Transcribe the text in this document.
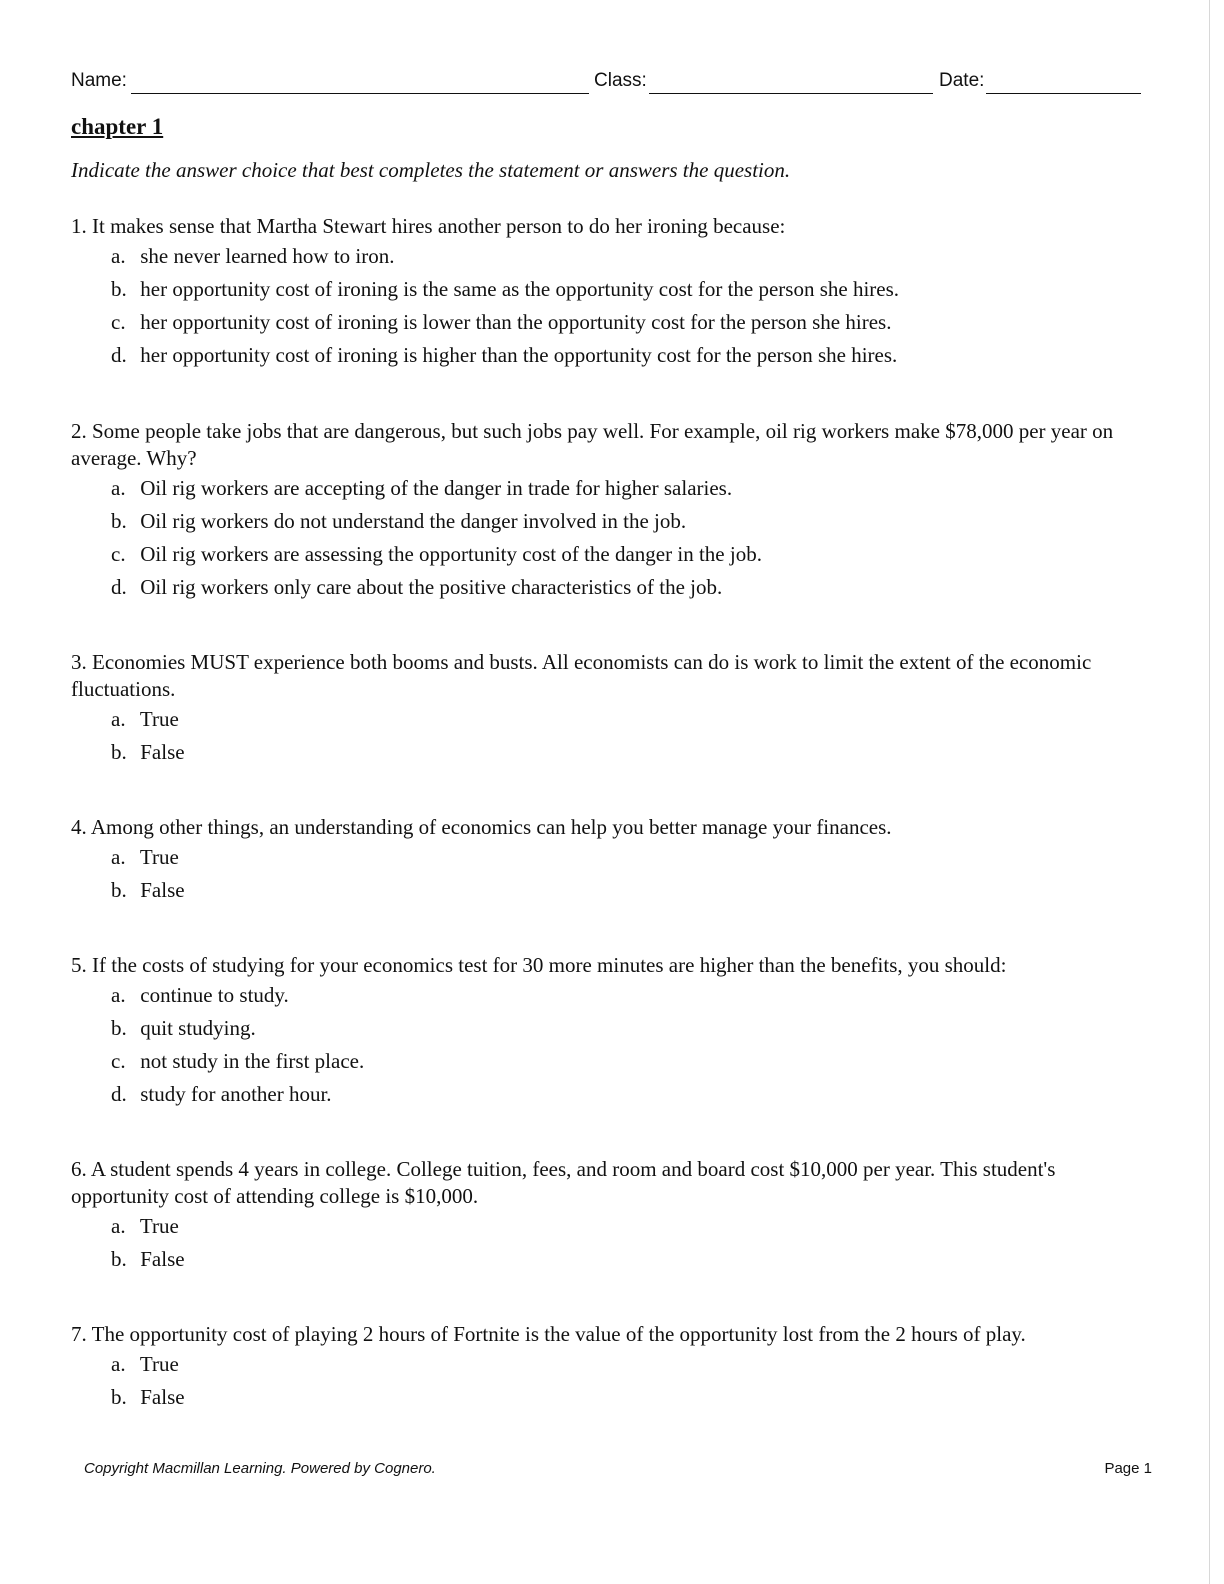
Name:	Class:	Date:
chapter 1
Indicate the answer choice that best completes the statement or answers the question.
1. It makes sense that Martha Stewart hires another person to do her ironing because:
a. she never learned how to iron.
b. her opportunity cost of ironing is the same as the opportunity cost for the person she hires.
c. her opportunity cost of ironing is lower than the opportunity cost for the person she hires.
d. her opportunity cost of ironing is higher than the opportunity cost for the person she hires.
2. Some people take jobs that are dangerous, but such jobs pay well. For example, oil rig workers make $78,000 per year on average. Why?
a. Oil rig workers are accepting of the danger in trade for higher salaries.
b. Oil rig workers do not understand the danger involved in the job.
c. Oil rig workers are assessing the opportunity cost of the danger in the job.
d. Oil rig workers only care about the positive characteristics of the job.
3. Economies MUST experience both booms and busts. All economists can do is work to limit the extent of the economic fluctuations.
a. True
b. False
4. Among other things, an understanding of economics can help you better manage your finances.
a. True
b. False
5. If the costs of studying for your economics test for 30 more minutes are higher than the benefits, you should:
a. continue to study.
b. quit studying.
c. not study in the first place.
d. study for another hour.
6. A student spends 4 years in college. College tuition, fees, and room and board cost $10,000 per year. This student's opportunity cost of attending college is $10,000.
a. True
b. False
7. The opportunity cost of playing 2 hours of Fortnite is the value of the opportunity lost from the 2 hours of play.
a. True
b. False
Copyright Macmillan Learning. Powered by Cognero.	Page 1
